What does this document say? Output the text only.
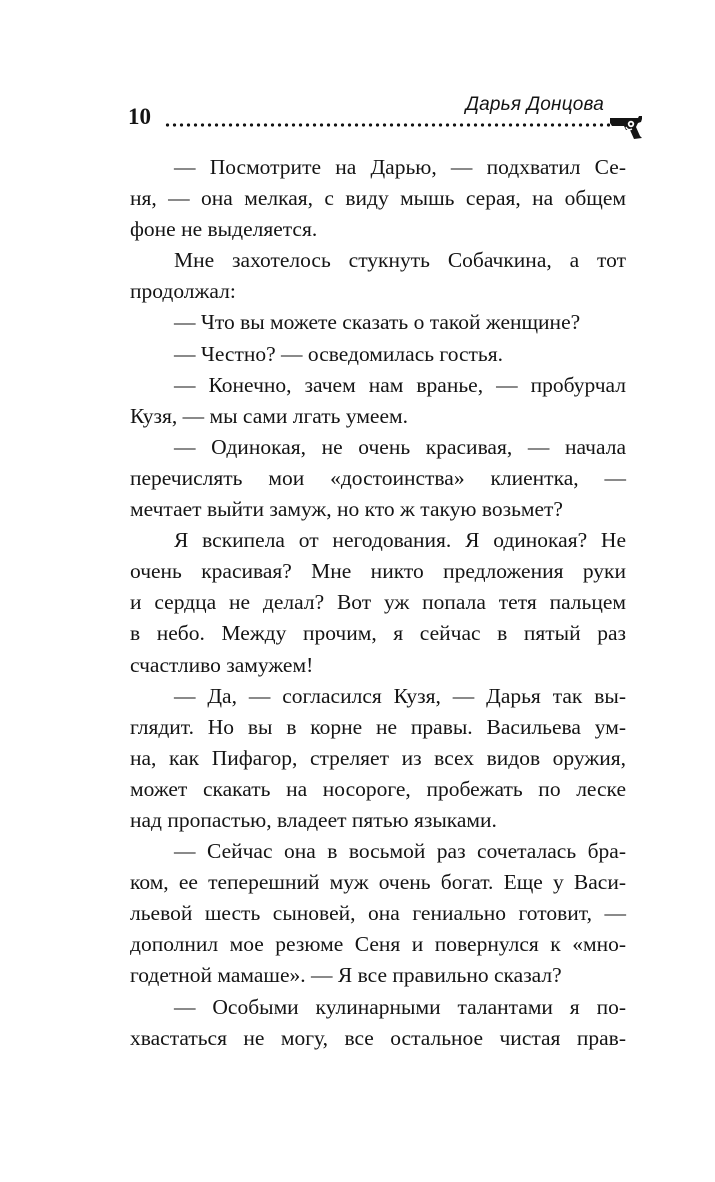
10	Дарья Донцова
— Посмотрите на Дарью, — подхватил Се-
ня, — она мелкая, с виду мышь серая, на общем
фоне не выделяется.
Мне захотелось стукнуть Собачкина, а тот
продолжал:
— Что вы можете сказать о такой женщине?
— Честно? — осведомилась гостья.
— Конечно, зачем нам вранье, — пробурчал
Кузя, — мы сами лгать умеем.
— Одинокая, не очень красивая, — начала
перечислять мои «достоинства» клиентка, —
мечтает выйти замуж, но кто ж такую возьмет?
Я вскипела от негодования. Я одинокая? Не
очень красивая? Мне никто предложения руки
и сердца не делал? Вот уж попала тетя пальцем
в небо. Между прочим, я сейчас в пятый раз
счастливо замужем!
— Да, — согласился Кузя, — Дарья так вы-
глядит. Но вы в корне не правы. Васильева ум-
на, как Пифагор, стреляет из всех видов оружия,
может скакать на носороге, пробежать по леске
над пропастью, владеет пятью языками.
— Сейчас она в восьмой раз сочеталась бра-
ком, ее теперешний муж очень богат. Еще у Васи-
льевой шесть сыновей, она гениально готовит, —
дополнил мое резюме Сеня и повернулся к «мно-
годетной мамаше». — Я все правильно сказал?
— Особыми кулинарными талантами я по-
хвастаться не могу, все остальное чистая прав-
